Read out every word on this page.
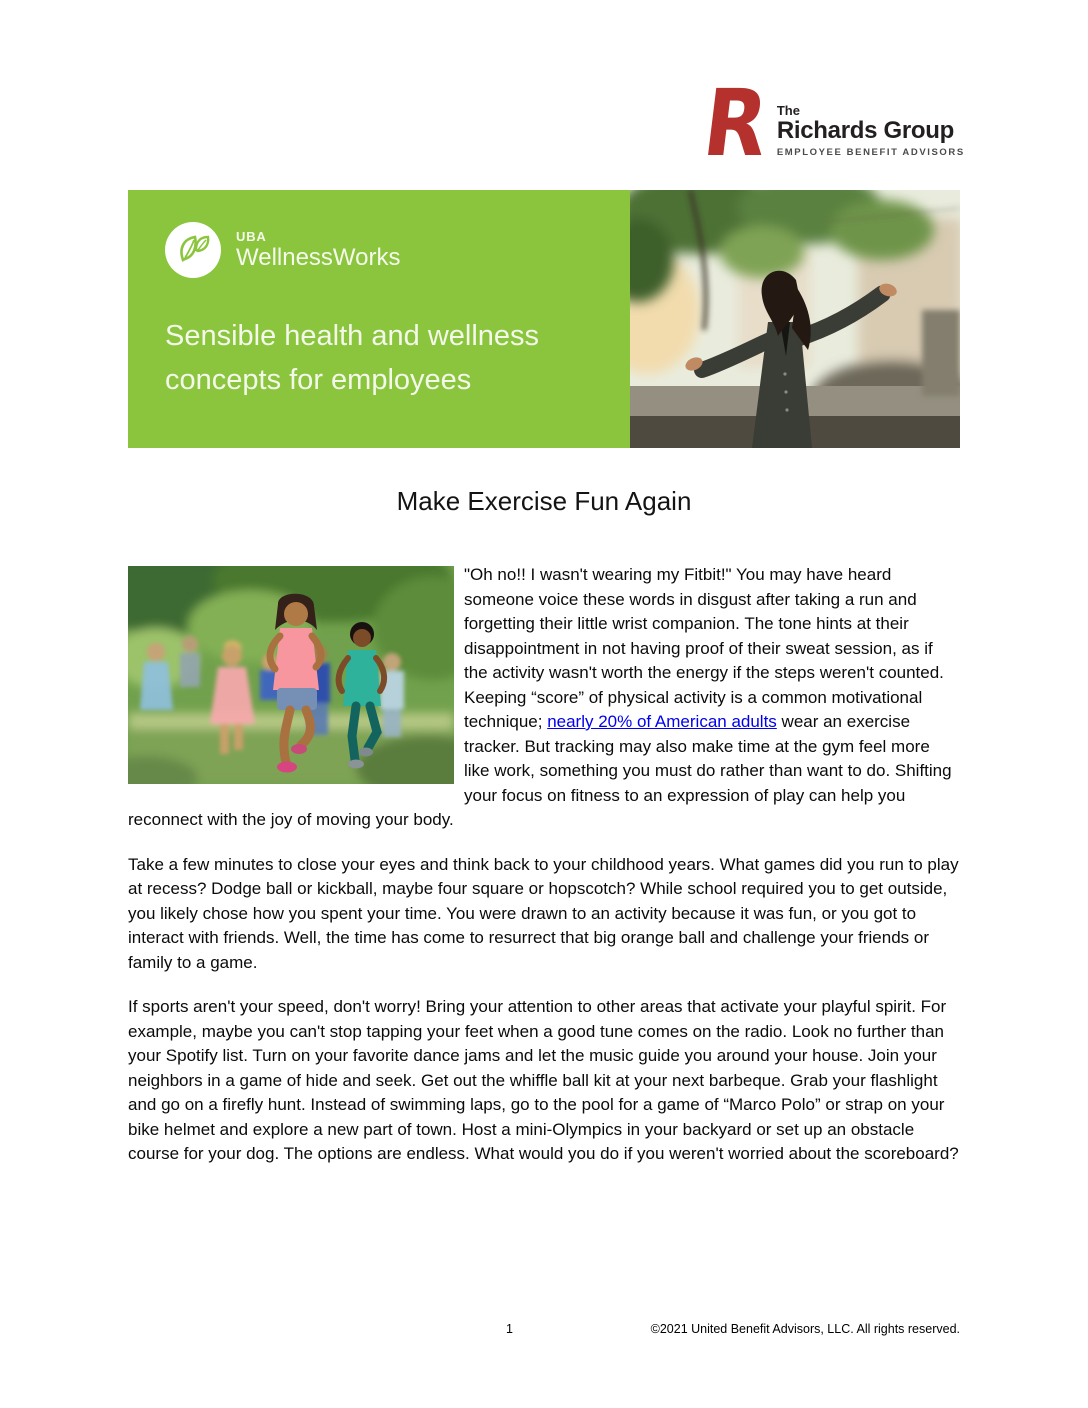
R The
Richards Group
EMPLOYEE BENEFIT ADVISORS
UBA
WellnessWorks
Sensible health and wellness
concepts for employees
Make Exercise Fun Again

"Oh no!! I wasn't wearing my Fitbit!" You may have heard someone voice these words in disgust after taking a run and forgetting their little wrist companion. The tone hints at their disappointment in not having proof of their sweat session, as if the activity wasn't worth the energy if the steps weren't counted. Keeping “score” of physical activity is a common motivational technique; nearly 20% of American adults wear an exercise tracker. But tracking may also make time at the gym feel more like work, something you must do rather than want to do. Shifting your focus on fitness to an expression of play can help you reconnect with the joy of moving your body.

Take a few minutes to close your eyes and think back to your childhood years. What games did you run to play at recess? Dodge ball or kickball, maybe four square or hopscotch? While school required you to get outside, you likely chose how you spent your time. You were drawn to an activity because it was fun, or you got to interact with friends. Well, the time has come to resurrect that big orange ball and challenge your friends or family to a game.

If sports aren't your speed, don't worry! Bring your attention to other areas that activate your playful spirit. For example, maybe you can't stop tapping your feet when a good tune comes on the radio. Look no further than your Spotify list. Turn on your favorite dance jams and let the music guide you around your house. Join your neighbors in a game of hide and seek. Get out the whiffle ball kit at your next barbeque. Grab your flashlight and go on a firefly hunt. Instead of swimming laps, go to the pool for a game of “Marco Polo” or strap on your bike helmet and explore a new part of town. Host a mini-Olympics in your backyard or set up an obstacle course for your dog. The options are endless. What would you do if you weren't worried about the scoreboard?

1	©2021 United Benefit Advisors, LLC. All rights reserved.
